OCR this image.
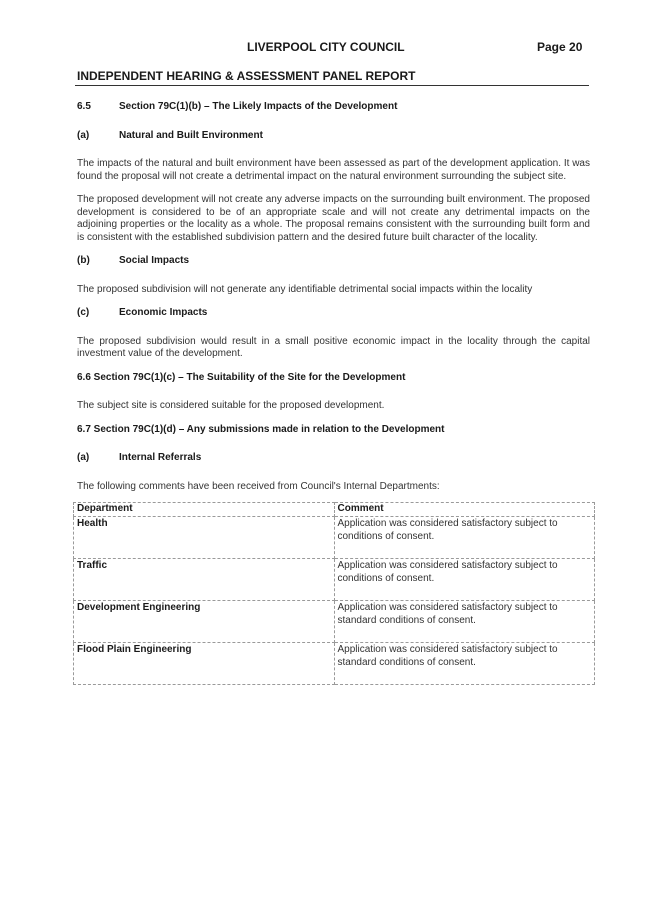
LIVERPOOL CITY COUNCIL	Page 20
INDEPENDENT HEARING & ASSESSMENT PANEL REPORT

6.5	Section 79C(1)(b) – The Likely Impacts of the Development

(a)	Natural and Built Environment

The impacts of the natural and built environment have been assessed as part of the development application. It was found the proposal will not create a detrimental impact on the natural environment surrounding the subject site.

The proposed development will not create any adverse impacts on the surrounding built environment. The proposed development is considered to be of an appropriate scale and will not create any detrimental impacts on the adjoining properties or the locality as a whole. The proposal remains consistent with the surrounding built form and is consistent with the established subdivision pattern and the desired future built character of the locality.

(b)	Social Impacts

The proposed subdivision will not generate any identifiable detrimental social impacts within the locality

(c)	Economic Impacts

The proposed subdivision would result in a small positive economic impact in the locality through the capital investment value of the development.

6.6 Section 79C(1)(c) – The Suitability of the Site for the Development

The subject site is considered suitable for the proposed development.

6.7 Section 79C(1)(d) – Any submissions made in relation to the Development

(a)	Internal Referrals

The following comments have been received from Council's Internal Departments:

Department	Comment
Health	Application was considered satisfactory subject to conditions of consent.
Traffic	Application was considered satisfactory subject to conditions of consent.
Development Engineering	Application was considered satisfactory subject to standard conditions of consent.
Flood Plain Engineering	Application was considered satisfactory subject to standard conditions of consent.
